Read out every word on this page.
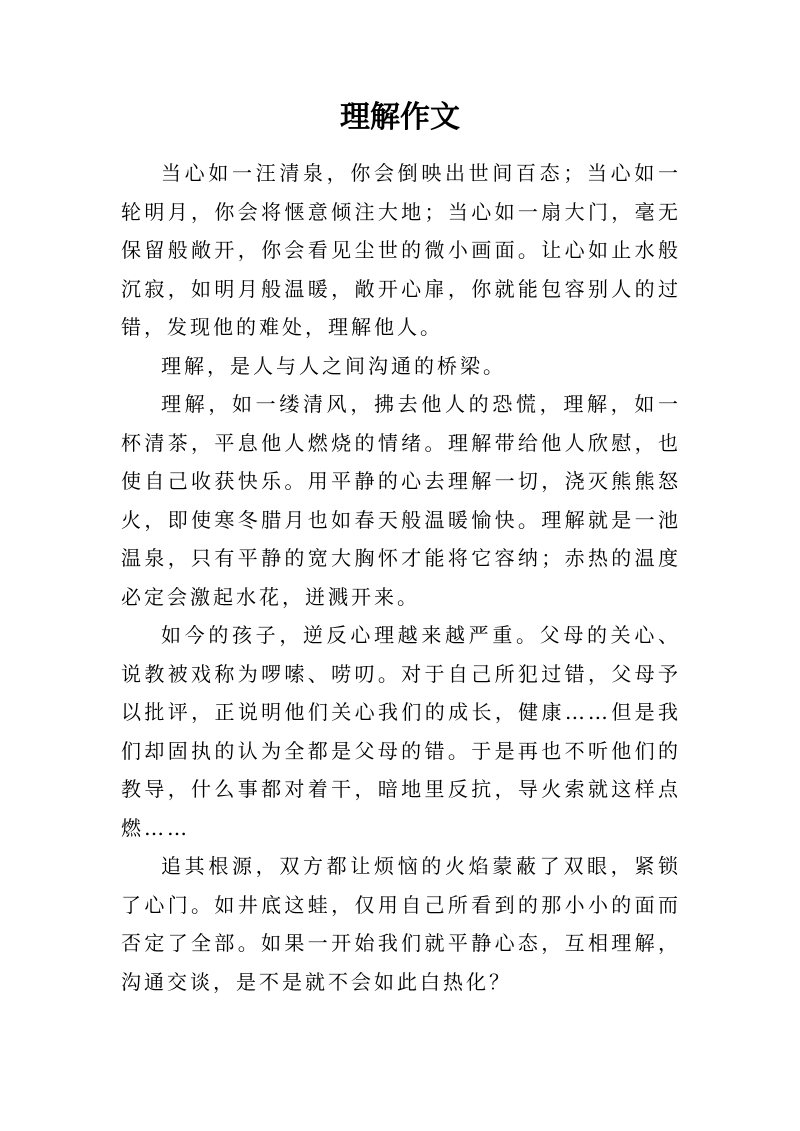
理解作文

当心如一汪清泉，你会倒映出世间百态；当心如一轮明月，你会将惬意倾注大地；当心如一扇大门，毫无保留般敞开，你会看见尘世的微小画面。让心如止水般沉寂，如明月般温暖，敞开心扉，你就能包容别人的过错，发现他的难处，理解他人。

理解，是人与人之间沟通的桥梁。

理解，如一缕清风，拂去他人的恐慌，理解，如一杯清茶，平息他人燃烧的情绪。理解带给他人欣慰，也使自己收获快乐。用平静的心去理解一切，浇灭熊熊怒火，即使寒冬腊月也如春天般温暖愉快。理解就是一池温泉，只有平静的宽大胸怀才能将它容纳；赤热的温度必定会激起水花，迸溅开来。

如今的孩子，逆反心理越来越严重。父母的关心、说教被戏称为啰嗦、唠叨。对于自己所犯过错，父母予以批评，正说明他们关心我们的成长，健康……但是我们却固执的认为全都是父母的错。于是再也不听他们的教导，什么事都对着干，暗地里反抗，导火索就这样点燃……

追其根源，双方都让烦恼的火焰蒙蔽了双眼，紧锁了心门。如井底这蛙，仅用自己所看到的那小小的面而否定了全部。如果一开始我们就平静心态，互相理解，沟通交谈，是不是就不会如此白热化？
